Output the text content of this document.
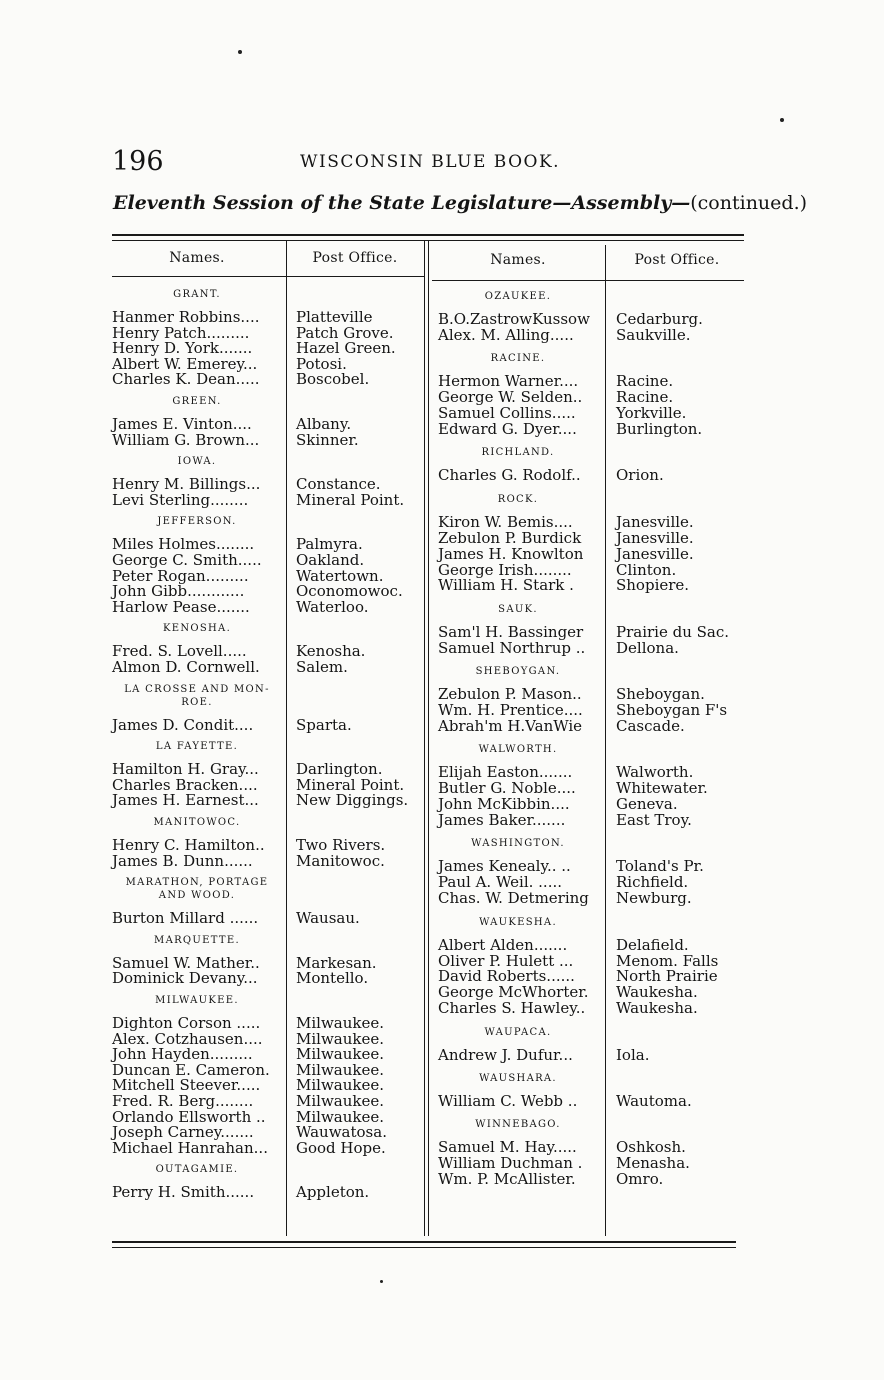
196	WISCONSIN BLUE BOOK.
Eleventh Session of the State Legislature—Assembly—(continued.)
Names.	Post Office.	Names.	Post Office.
GRANT.
Hanmer Robbins.... Platteville
Henry Patch.........	Patch Grove.
Henry D. York.......	Hazel Green.
Albert W. Emerey...	Potosi.
Charles K. Dean..... Boscobel.
GREEN.
James E. Vinton....	Albany.
William G. Brown... Skinner.
IOWA.
Henry M. Billings... Constance.
Levi Sterling........	Mineral Point.
JEFFERSON.
Miles Holmes........	Palmyra.
George C. Smith..... Oakland.
Peter Rogan.........	Watertown.
John Gibb............	Oconomowoc.
Harlow Pease.......	Waterloo.
KENOSHA.
Fred. S. Lovell.....	Kenosha.
Almon D. Cornwell. Salem.
LA CROSSE AND MON-ROE.
James D. Condit....	Sparta.
LA FAYETTE.
Hamilton H. Gray... Darlington.
Charles Bracken....	Mineral Point.
James H. Earnest... New Diggings.
MANITOWOC.
Henry C. Hamilton.. Two Rivers.
James B. Dunn......	Manitowoc.
MARATHON, PORTAGE AND WOOD.
Burton Millard ......	Wausau.
MARQUETTE.
Samuel W. Mather.. Markesan.
Dominick Devany...	Montello.
MILWAUKEE.
Dighton Corson ..... Milwaukee.
Alex. Cotzhausen.... Milwaukee.
John Hayden.........	Milwaukee.
Duncan E. Cameron. Milwaukee.
Mitchell Steever..... Milwaukee.
Fred. R. Berg........	Milwaukee.
Orlando Ellsworth .. Milwaukee.
Joseph Carney.......	Wauwatosa.
Michael Hanrahan... Good Hope.
OUTAGAMIE.
Perry H. Smith......	Appleton.
OZAUKEE.
B.O.ZastrowKussow Cedarburg.
Alex. M. Alling.....	Saukville.
RACINE.
Hermon Warner....	Racine.
George W. Selden.. Racine.
Samuel Collins.....	Yorkville.
Edward G. Dyer....	Burlington.
RICHLAND.
Charles G. Rodolf.. Orion.
ROCK.
Kiron W. Bemis....	Janesville.
Zebulon P. Burdick Janesville.
James H. Knowlton Janesville.
George Irish........	Clinton.
William H. Stark .	Shopiere.
SAUK.
Sam'l H. Bassinger Prairie du Sac.
Samuel Northrup .. Dellona.
SHEBOYGAN.
Zebulon P. Mason.. Sheboygan.
Wm. H. Prentice.... Sheboygan F's
Abrah'm H.VanWie Cascade.
WALWORTH.
Elijah Easton.......	Walworth.
Butler G. Noble....	Whitewater.
John McKibbin....	Geneva.
James Baker.......	East Troy.
WASHINGTON.
James Kenealy.. ..	Toland's Pr.
Paul A. Weil. .....	Richfield.
Chas. W. Detmering Newburg.
WAUKESHA.
Albert Alden.......	Delafield.
Oliver P. Hulett ...	Menom. Falls
David Roberts......	North Prairie
George McWhorter. Waukesha.
Charles S. Hawley.. Waukesha.
WAUPACA.
Andrew J. Dufur...	Iola.
WAUSHARA.
William C. Webb ..	Wautoma.
WINNEBAGO.
Samuel M. Hay.....	Oshkosh.
William Duchman . Menasha.
Wm. P. McAllister.	Omro.
